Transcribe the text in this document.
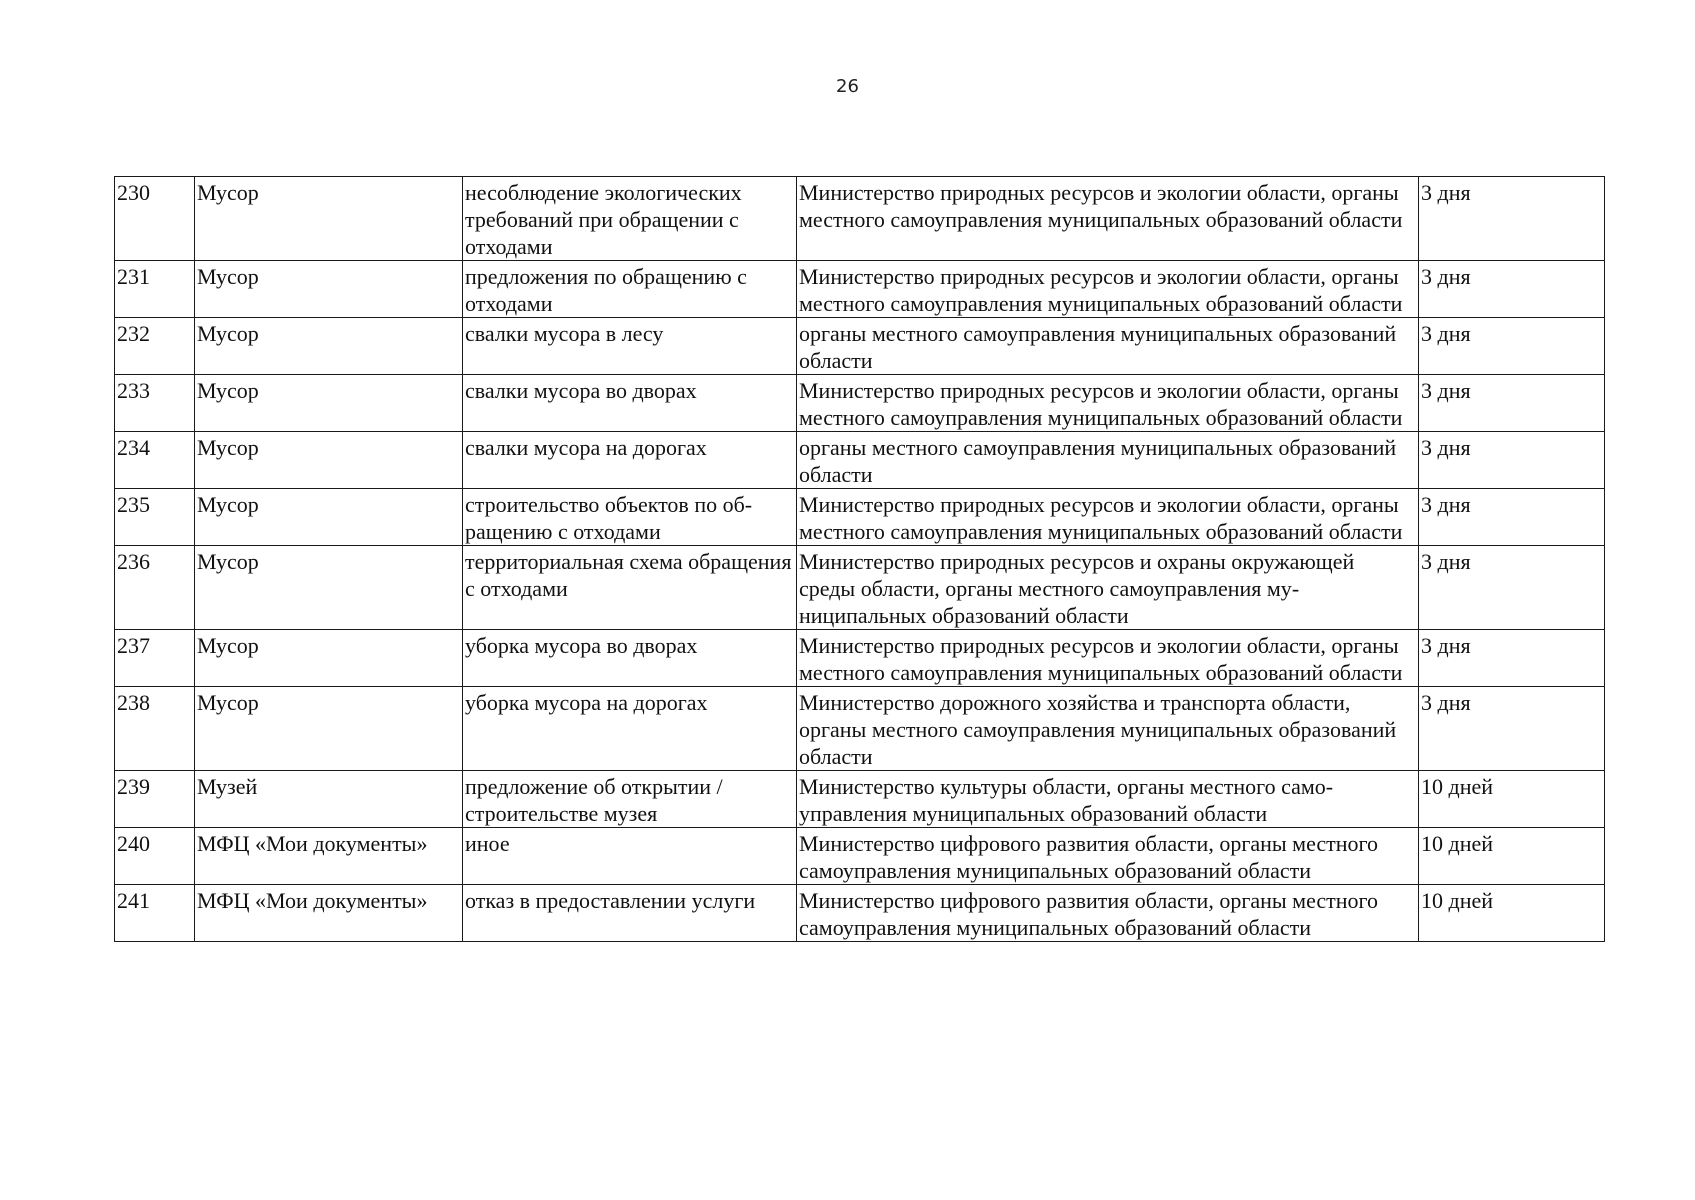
26
230	Мусор	несоблюдение экологических требований при обращении с отходами	Министерство природных ресурсов и экологии области, органы местного самоуправления муниципальных образований области	3 дня
231	Мусор	предложения по обращению с отходами	Министерство природных ресурсов и экологии области, органы местного самоуправления муниципальных образований области	3 дня
232	Мусор	свалки мусора в лесу	органы местного самоуправления муниципальных образований области	3 дня
233	Мусор	свалки мусора во дворах	Министерство природных ресурсов и экологии области, органы местного самоуправления муниципальных образований области	3 дня
234	Мусор	свалки мусора на дорогах	органы местного самоуправления муниципальных образований области	3 дня
235	Мусор	строительство объектов по обращению с отходами	Министерство природных ресурсов и экологии области, органы местного самоуправления муниципальных образований области	3 дня
236	Мусор	территориальная схема обращения с отходами	Министерство природных ресурсов и охраны окружающей среды области, органы местного самоуправления муниципальных образований области	3 дня
237	Мусор	уборка мусора во дворах	Министерство природных ресурсов и экологии области, органы местного самоуправления муниципальных образований области	3 дня
238	Мусор	уборка мусора на дорогах	Министерство дорожного хозяйства и транспорта области, органы местного самоуправления муниципальных образований области	3 дня
239	Музей	предложение об открытии / строительстве музея	Министерство культуры области, органы местного самоуправления муниципальных образований области	10 дней
240	МФЦ «Мои документы»	иное	Министерство цифрового развития области, органы местного самоуправления муниципальных образований области	10 дней
241	МФЦ «Мои документы»	отказ в предоставлении услуги	Министерство цифрового развития области, органы местного самоуправления муниципальных образований области	10 дней
